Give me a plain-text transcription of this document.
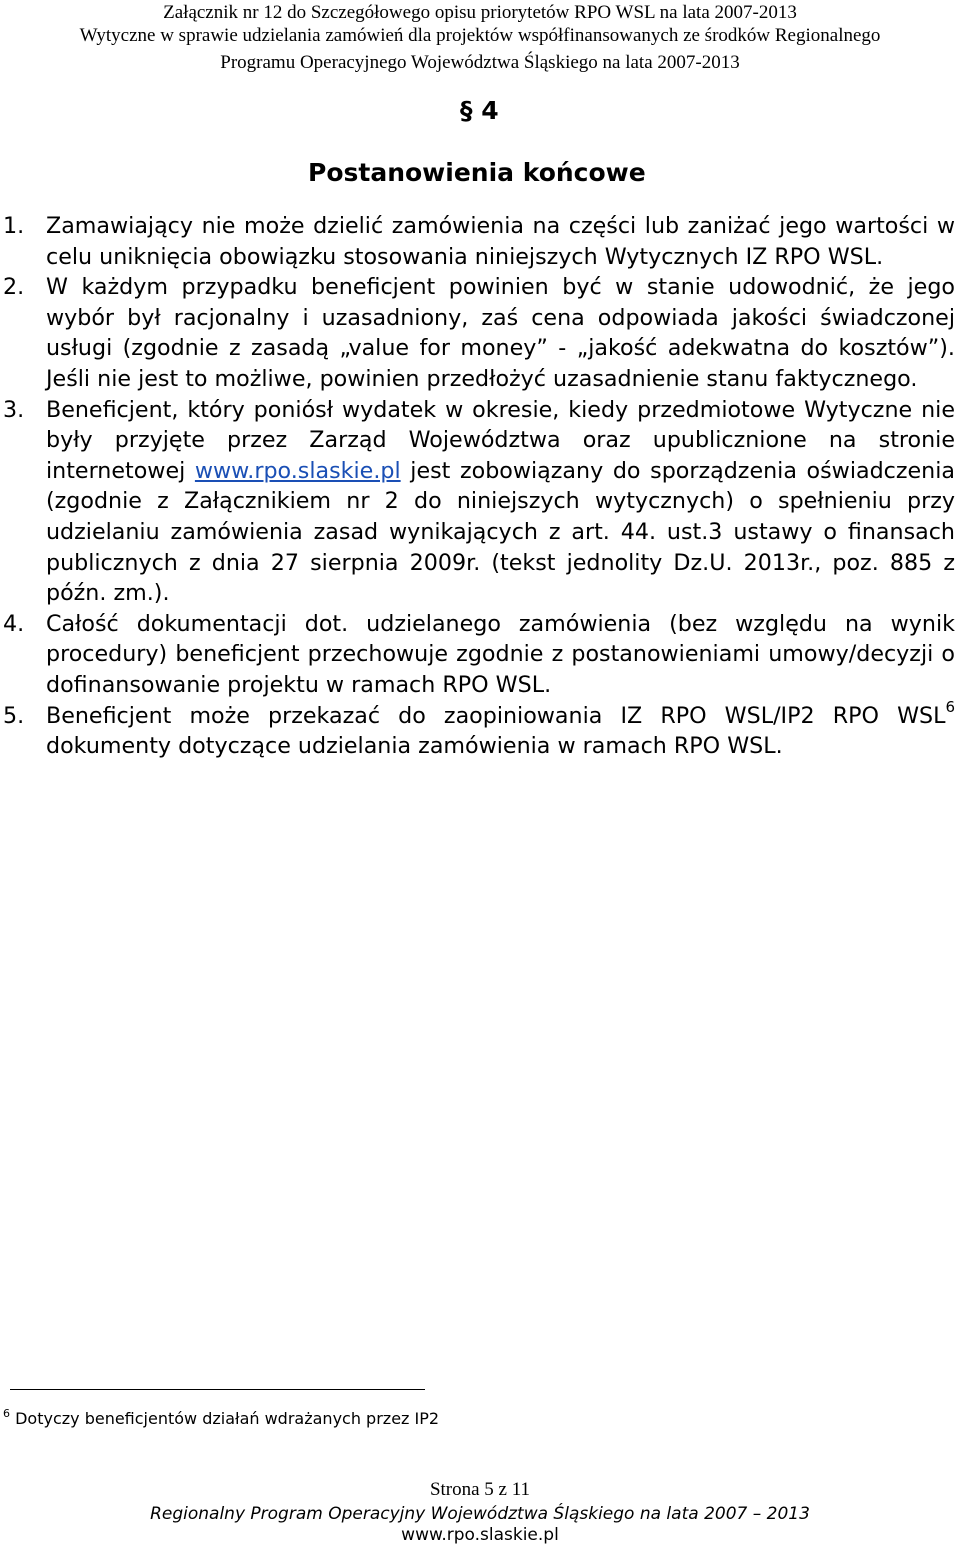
Załącznik nr 12 do Szczegółowego opisu priorytetów RPO WSL na lata 2007-2013
Wytyczne w sprawie udzielania zamówień dla projektów współfinansowanych ze środków Regionalnego
Programu Operacyjnego Województwa Śląskiego na lata 2007-2013
§ 4
Postanowienia końcowe
1. Zamawiający nie może dzielić zamówienia na części lub zaniżać jego wartości w celu uniknięcia obowiązku stosowania niniejszych Wytycznych IZ RPO WSL.
2. W każdym przypadku beneficjent powinien być w stanie udowodnić, że jego wybór był racjonalny i uzasadniony, zaś cena odpowiada jakości świadczonej usługi (zgodnie z zasadą „value for money” - „jakość adekwatna do kosztów”). Jeśli nie jest to możliwe, powinien przedłożyć uzasadnienie stanu faktycznego.
3. Beneficjent, który poniósł wydatek w okresie, kiedy przedmiotowe Wytyczne nie były przyjęte przez Zarząd Województwa oraz upublicznione na stronie internetowej www.rpo.slaskie.pl jest zobowiązany do sporządzenia oświadczenia (zgodnie z Załącznikiem nr 2 do niniejszych wytycznych) o spełnieniu przy udzielaniu zamówienia zasad wynikających z art. 44. ust.3 ustawy o finansach publicznych z dnia 27 sierpnia 2009r. (tekst jednolity Dz.U. 2013r., poz. 885 z późn. zm.).
4. Całość dokumentacji dot. udzielanego zamówienia (bez względu na wynik procedury) beneficjent przechowuje zgodnie z postanowieniami umowy/decyzji o dofinansowanie projektu w ramach RPO WSL.
5. Beneficjent może przekazać do zaopiniowania IZ RPO WSL/IP2 RPO WSL$^6$ dokumenty dotyczące udzielania zamówienia w ramach RPO WSL.
$^6$ Dotyczy beneficjentów działań wdrażanych przez IP2
Strona 5 z 11
Regionalny Program Operacyjny Województwa Śląskiego na lata 2007 – 2013
www.rpo.slaskie.pl
